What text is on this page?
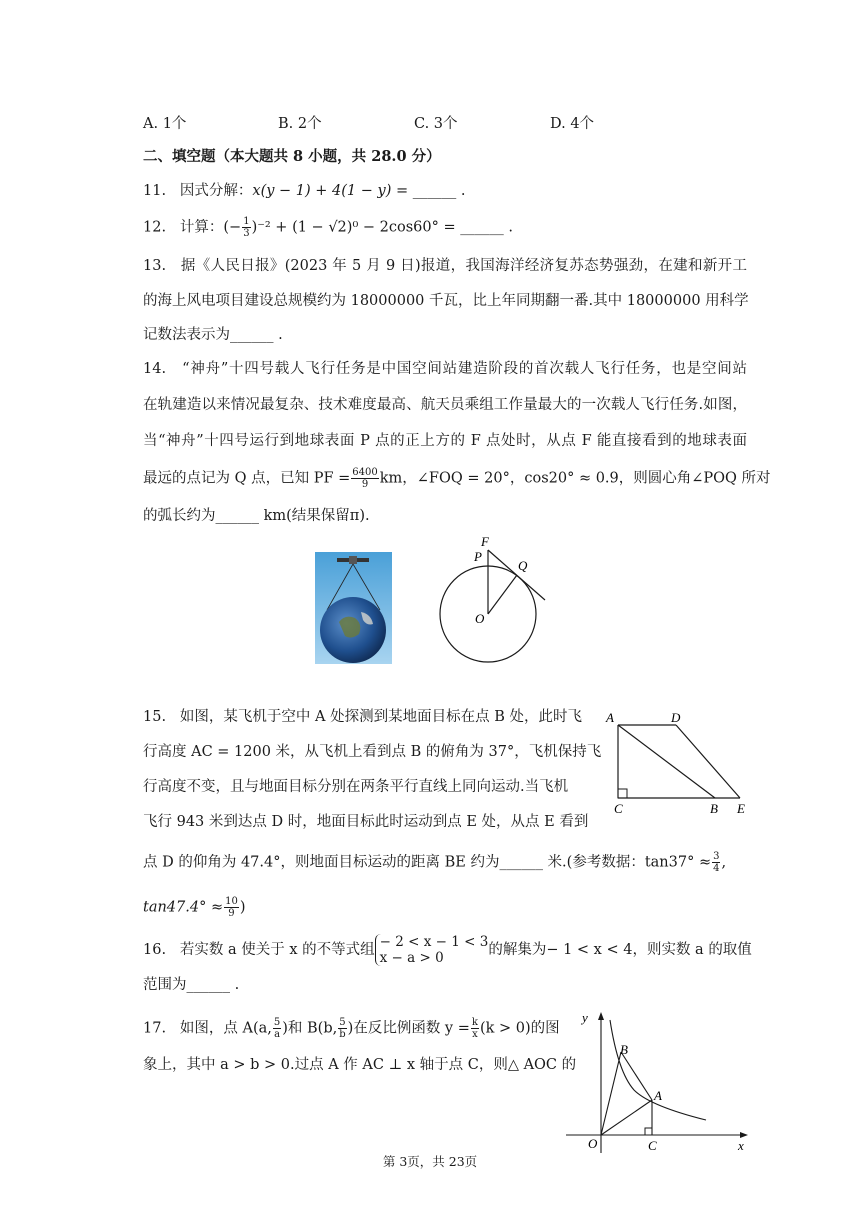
A. 1个	B. 2个	C. 3个	D. 4个
二、填空题（本大题共 8 小题，共 28.0 分）
11. 因式分解：x(y − 1) + 4(1 − y) = ______ .
12. 计算：(− $\frac{1}{3} )^{-2} + (1 - √2)^0 - 2\cos 60^\circ$ = ______ .
13. 据《人民日报》(2023 年 5 月 9 日)报道，我国海洋经济复苏态势强劲，在建和新开工
的海上风电项目建设总规模约为 18000000 千瓦，比上年同期翻一番.其中 18000000 用科学
记数法表示为______ .
14. “神舟”十四号载人飞行任务是中国空间站建造阶段的首次载人飞行任务，也是空间站
在轨建造以来情况最复杂、技术难度最高、航天员乘组工作量最大的一次载人飞行任务.如图，
当“神舟”十四号运行到地球表面 P 点的正上方的 F 点处时，从点 F 能直接看到的地球表面
最远的点记为 Q 点，已知 PF = $\frac{6400}{9}$ km，∠FOQ = 20°，cos20° ≈ 0.9，则圆心角∠POQ 所对
的弧长约为______ km(结果保留π).
F
P
Q
O
15. 如图，某飞机于空中 A 处探测到某地面目标在点 B 处，此时飞
行高度 AC = 1200 米，从飞机上看到点 B 的俯角为 37°，飞机保持飞
行高度不变，且与地面目标分别在两条平行直线上同向运动.当飞机
飞行 943 米到达点 D 时，地面目标此时运动到点 E 处，从点 E 看到
点 D 的仰角为 47.4°，则地面目标运动的距离 BE 约为______ 米.(参考数据：$\tan 37^\circ \approx \frac{3}{4}$ ,
$\tan 47.4^\circ \approx \frac{10}{9}$ )
A	D
C	B E
16. 若实数 a 使关于 x 的不等式组 − 2 < x − 1 < 3
x − a > 0	的解集为− 1 < x < 4，则实数 a 的取值
范围为______ .
17. 如图，点 A(a, $\frac{5}{a}$ )和 B(b, $\frac{5}{b}$ )在反比例函数 $y = \frac{k}{x} (k > 0)$的图
象上，其中 a > b > 0.过点 A 作 AC ⊥ x 轴于点 C，则△ AOC 的
y
x
B
A
O	C
第 3页，共 23页
